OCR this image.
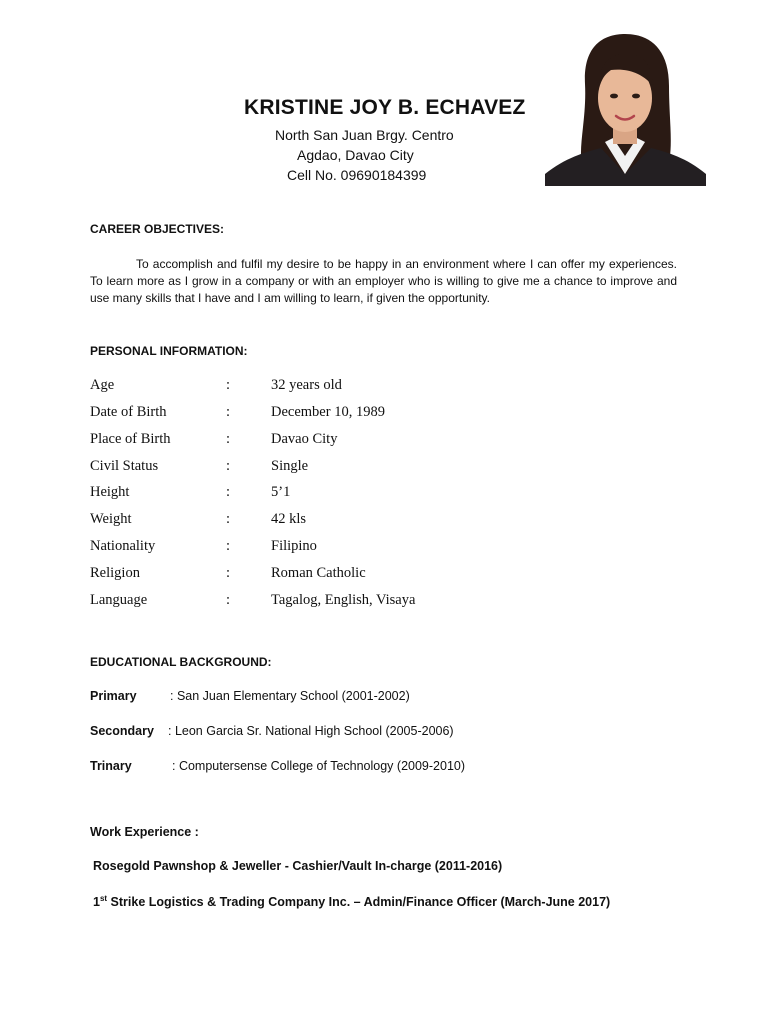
KRISTINE JOY B. ECHAVEZ
North San Juan Brgy. Centro
Agdao, Davao City
Cell No. 09690184399
CAREER OBJECTIVES:

To accomplish and fulfil my desire to be happy in an environment where I can offer my experiences. To learn more as I grow in a company or with an employer who is willing to give me a chance to improve and use many skills that I have and I am willing to learn, if given the opportunity.

PERSONAL INFORMATION:
Age	:	32 years old
Date of Birth	:	December 10, 1989
Place of Birth	:	Davao City
Civil Status	:	Single
Height	:	5’1
Weight	:	42 kls
Nationality	:	Filipino
Religion	:	Roman Catholic
Language	:	Tagalog, English, Visaya
EDUCATIONAL BACKGROUND:
Primary	: San Juan Elementary School (2001-2002)
Secondary : Leon Garcia Sr. National High School (2005-2006)
Trinary	: Computersense College of Technology (2009-2010)
Work Experience :
Rosegold Pawnshop & Jeweller - Cashier/Vault In-charge (2011-2016)
1st Strike Logistics & Trading Company Inc. – Admin/Finance Officer (March-June 2017)
